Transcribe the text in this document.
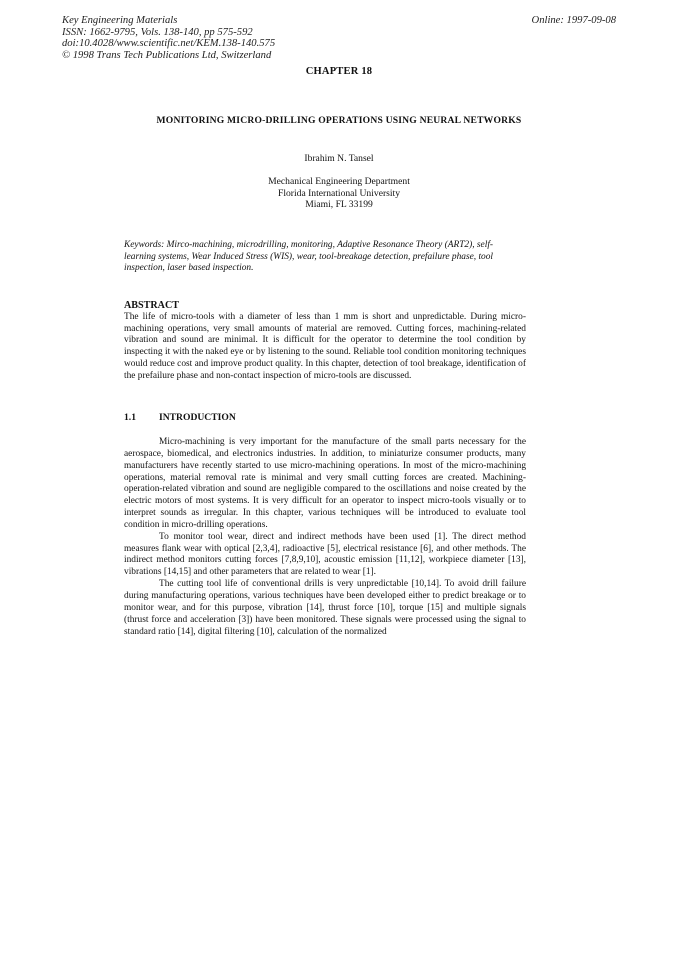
Key Engineering Materials
ISSN: 1662-9795, Vols. 138-140, pp 575-592
doi:10.4028/www.scientific.net/KEM.138-140.575
© 1998 Trans Tech Publications Ltd, Switzerland
Online: 1997-09-08
CHAPTER 18
MONITORING MICRO-DRILLING OPERATIONS USING NEURAL NETWORKS
Ibrahim N. Tansel
Mechanical Engineering Department
Florida International University
Miami, FL 33199
Keywords: Mirco-machining, microdrilling, monitoring, Adaptive Resonance Theory (ART2), self-learning systems, Wear Induced Stress (WIS), wear, tool-breakage detection, prefailure phase, tool inspection, laser based inspection.
ABSTRACT
The life of micro-tools with a diameter of less than 1 mm is short and unpredictable. During micro-machining operations, very small amounts of material are removed. Cutting forces, machining-related vibration and sound are minimal. It is difficult for the operator to determine the tool condition by inspecting it with the naked eye or by listening to the sound. Reliable tool condition monitoring techniques would reduce cost and improve product quality. In this chapter, detection of tool breakage, identification of the prefailure phase and non-contact inspection of micro-tools are discussed.
1.1 INTRODUCTION

Micro-machining is very important for the manufacture of the small parts necessary for the aerospace, biomedical, and electronics industries. In addition, to miniaturize consumer products, many manufacturers have recently started to use micro-machining operations. In most of the micro-machining operations, material removal rate is minimal and very small cutting forces are created. Machining-operation-related vibration and sound are negligible compared to the oscillations and noise created by the electric motors of most systems. It is very difficult for an operator to inspect micro-tools visually or to interpret sounds as irregular. In this chapter, various techniques will be introduced to evaluate tool condition in micro-drilling operations.

To monitor tool wear, direct and indirect methods have been used [1]. The direct method measures flank wear with optical [2,3,4], radioactive [5], electrical resistance [6], and other methods. The indirect method monitors cutting forces [7,8,9,10], acoustic emission [11,12], workpiece diameter [13], vibrations [14,15] and other parameters that are related to wear [1].

The cutting tool life of conventional drills is very unpredictable [10,14]. To avoid drill failure during manufacturing operations, various techniques have been developed either to predict breakage or to monitor wear, and for this purpose, vibration [14], thrust force [10], torque [15] and multiple signals (thrust force and acceleration [3]) have been monitored. These signals were processed using the signal to standard ratio [14], digital filtering [10], calculation of the normalized
